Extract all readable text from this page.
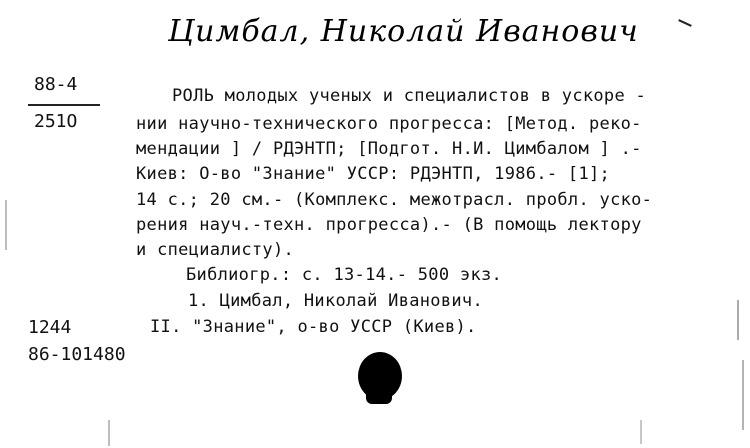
Цимбал, Николай Иванович
88-4
251О
РОЛЬ молодых ученых и специалистов в ускоре -
нии научно-технического прогресса: [Метод. реко-
мендации ] / РДЭНТП; [Подгот. Н.И. Цимбалом ] .-
Киев: О-во "Знание" УССР: РДЭНТП, 1986.- [1];
14 с.; 20 см.- (Комплекс. межотрасл. пробл. уско-
рения науч.-техн. прогресса).- (В помощь лектору
и специалисту).
Библиогр.: с. 13-14.- 500 экз.
1. Цимбал, Николай Иванович.
II. "Знание", о-во УССР (Киев).
1244
86-101480
